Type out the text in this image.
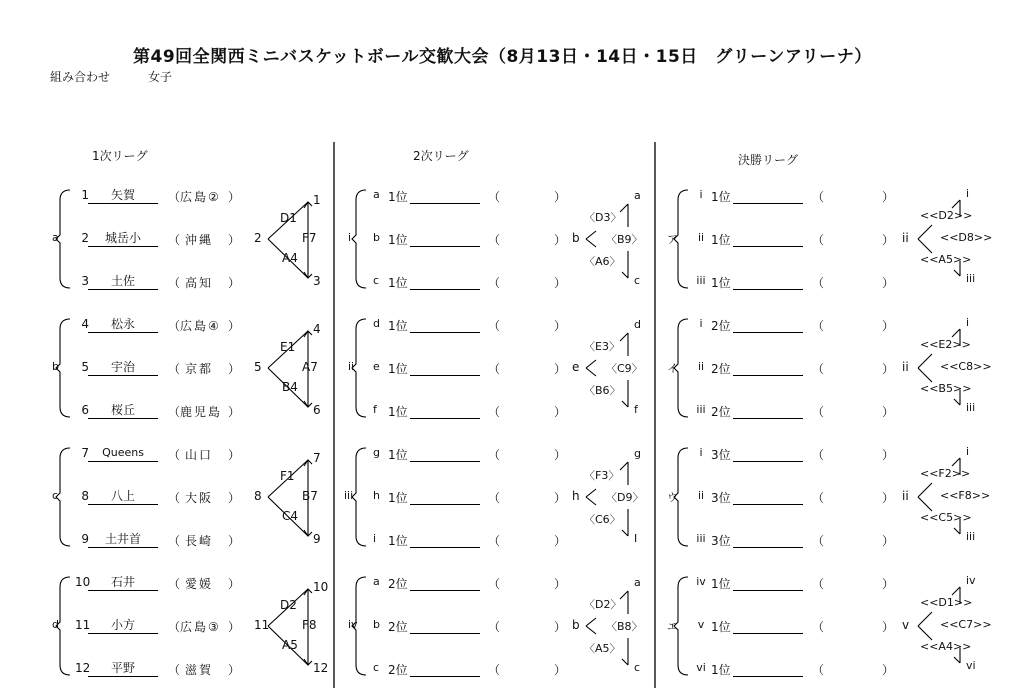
第49回全関西ミニバスケットボール交歓大会（8月13日・14日・15日　グリーンアリーナ）
組み合わせ	女子
1次リーグ	2次リーグ	決勝リーグ
a
1	矢賀	（ 広島② ）
2	城岳小	（ 沖縄	）
3	土佐	（ 高知	）
2
1
3
D1
F7
A4
b
4	松永	（ 広島④ ）
5	宇治	（ 京都	）
6	桜丘	（ 鹿児島 ）
5
4
6
E1
A7
B4
c
7	Queens	（ 山口	）
8	八上	（ 大阪	）
9	土井首	（ 長崎	）
8
7
9
F1
B7
C4
d
10	石井	（ 愛媛	）
11	小方	（ 広島③ ）
12	平野	（ 滋賀	）
11
10
12
D2
F8
A5
i
a 1位	（	）
b 1位	（	）
c 1位	（	）
b
a
c
〈D3〉
〈B9〉
〈A6〉
ii
d 1位	（	）
e 1位	（	）
f 1位	（	）
e
d
f
〈E3〉
〈C9〉
〈B6〉
iii
g 1位	（	）
h 1位	（	）
i 1位	（	）
h
g
I
〈F3〉
〈D9〉
〈C6〉
iv
a 2位	（	）
b 2位	（	）
c 2位	（	）
b
a
c
〈D2〉
〈B8〉
〈A5〉
ア
i 1位	（	）
ii 1位	（	）
iii 1位	（	）
ii
i
iii
<<D2>>
<<D8>>
<<A5>>
イ
i 2位	（	）
ii 2位	（	）
iii 2位	（	）
ii
i
iii
<<E2>>
<<C8>>
<<B5>>
ウ
i 3位	（	）
ii 3位	（	）
iii 3位	（	）
ii
i
iii
<<F2>>
<<F8>>
<<C5>>
エ
iv 1位	（	）
v 1位	（	）
vi 1位	（	）
v
iv
vi
<<D1>>
<<C7>>
<<A4>>
